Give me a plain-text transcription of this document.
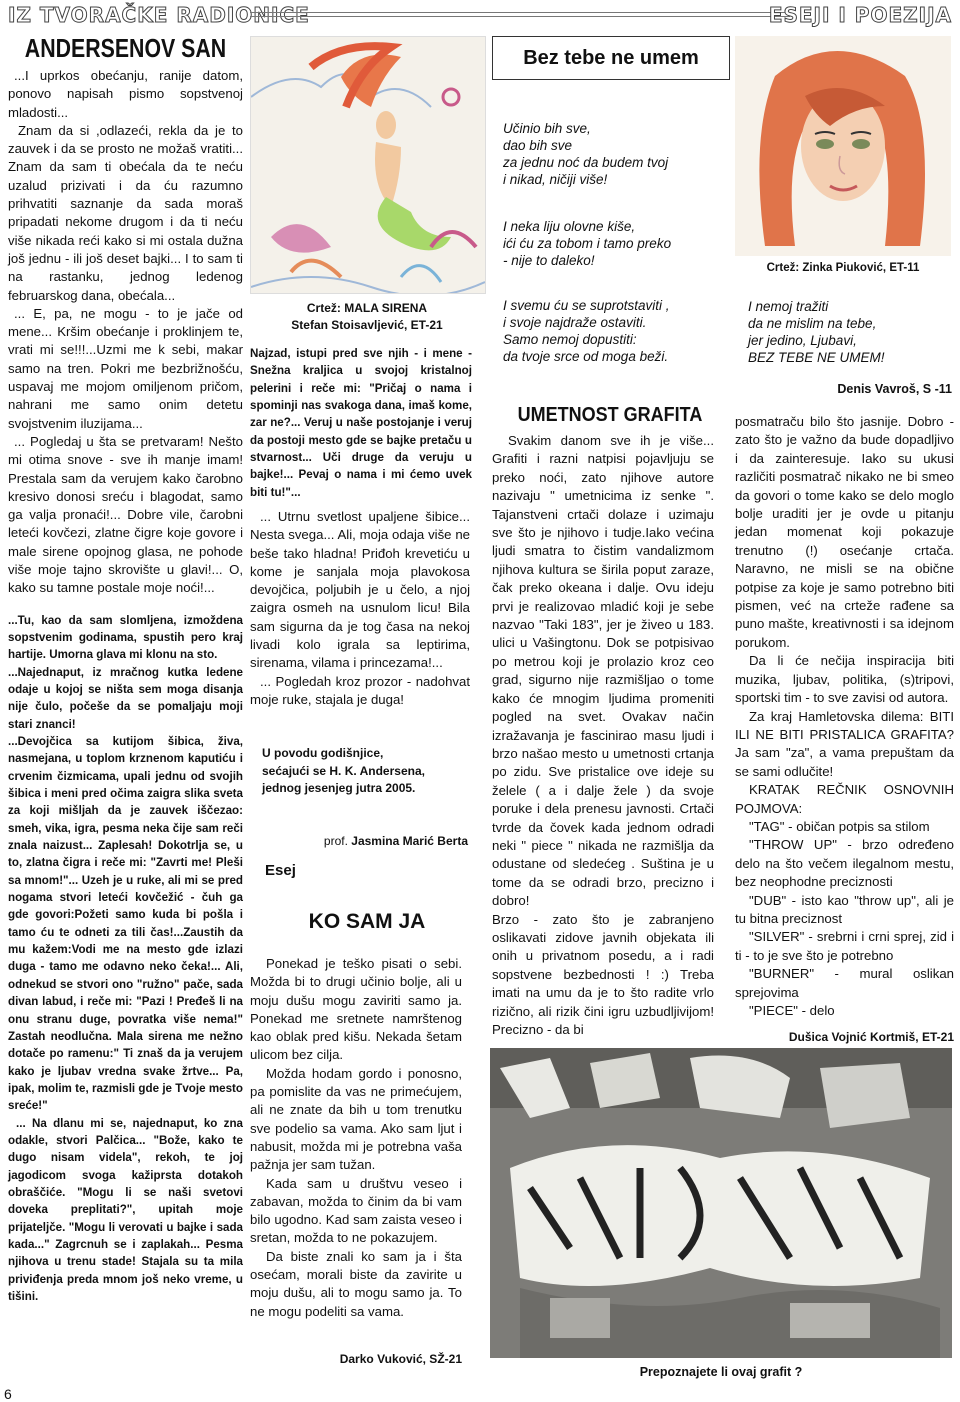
IZ TVORAČKE RADIONICE	ESEJI I POEZIJA
ANDERSENOV SAN

...I uprkos obećanju, ranije datom, ponovo napisah pismo sopstvenoj mladosti...

Znam da si ,odlazeći, rekla da je to zauvek i da se prosto ne možaš vratiti... Znam da sam ti obećala da te neću uzalud prizivati i da ću razumno prihvatiti saznanje da sada moraš pripadati nekome drugom i da ti neću više nikada reći kako si mi ostala dužna još jednu - ili još deset bajki... I to sam ti na rastanku, jednog ledenog februarskog dana, obećala...

... E, pa, ne mogu - to je jače od mene... Kršim obećanje i proklinjem te, vrati mi se!!!...Uzmi me k sebi, makar samo na tren. Pokri me bezbrižnošću, uspavaj me mojom omiljenom pričom, nahrani me samo onim detetu svojstvenim iluzijama...

... Pogledaj u šta se pretvaram! Nešto mi otima snove - sve ih manje imam! Prestala sam da verujem kako čarobno kresivo donosi sreću i blagodat, samo ga valja pronaći!... Dobre vile, čarobni leteći kovčezi, zlatne čigre koje govore i male sirene opojnog glasa, ne pohode više moje tajno skrovište u glavi!... O, kako su tamne postale moje noći!...

...Tu, kao da sam slomljena, izmoždena sopstvenim godinama, spustih pero kraj hartije. Umorna glava mi klonu na sto.

...Najednaput, iz mračnog kutka ledene odaje u kojoj se ništa sem moga disanja nije čulo, počeše da se pomaljaju moji stari znanci!

...Devojčica sa kutijom šibica, živa, nasmejana, u toplom krznenom kaputiću i crvenim čizmicama, upali jednu od svojih šibica i meni pred očima zaigra slika sveta za koji mišljah da je zauvek iščezao: smeh, vika, igra, pesma neka čije sam reči znala naizust... Zaplesah! Dokotrlja se, u to, zlatna čigra i reče mi: "Zavrti me! Pleši sa mnom!"... Uzeh je u ruke, ali mi se pred nogama stvori leteći kovčežić - čuh ga gde govori:Požeti samo kuda bi pošla i tamo ću te odneti za tili čas!...Zaustih da mu kažem:Vodi me na mesto gde izlazi duga - tamo me odavno neko čeka!... Ali, odnekud se stvori ono "ružno" pače, sada divan labud, i reče mi: "Pazi ! Pređeš li na onu stranu duge, povratka više nema!" Zastah neodlučna. Mala sirena me nežno dotače po ramenu:" Ti znaš da ja verujem kako je ljubav vredna svake žrtve... Pa, ipak, molim te, razmisli gde je Tvoje mesto sreće!"

... Na dlanu mi se, najednaput, ko zna odakle, stvori Palčica... "Bože, kako te dugo nisam videla", rekoh, te joj jagodicom svoga kažiprsta dotakoh obraščiće. "Mogu li se naši svetovi doveka preplitati?", upitah moje prijateljče. "Mogu li verovati u bajke i sada kada..." Zagrcnuh se i zaplakah... Pesma njihova u trenu stade! Stajala su ta mila priviđenja preda mnom još neko vreme, u tišini.

6
Crtež: MALA SIRENA
Stefan Stoisavljević, ET-21

Najzad, istupi pred sve njih - i mene - Snežna kraljica u svojoj kristalnoj pelerini i reče mi: "Pričaj o nama i spominji nas svakoga dana, imaš kome, zar ne?... Veruj u naše postojanje i veruj da postoji mesto gde se bajke pretaču u stvarnost... Uči druge da veruju u bajke!... Pevaj o nama i mi ćemo uvek biti tu!"...

... Utrnu svetlost upaljene šibice... Nesta svega... Ali, moja odaja više ne beše tako hladna! Priđoh krevetiću u kome je sanjala moja plavokosa devojčica, poljubih je u čelo, a njoj zaigra osmeh na usnulom licu! Bila sam sigurna da je tog časa na nekoj livadi kolo igrala sa leptirima, sirenama, vilama i princezama!...

... Pogledah kroz prozor - nadohvat moje ruke, stajala je duga!

U povodu godišnjice,
sećajući se H. K. Andersena,
jednog jesenjeg jutra 2005.
prof. Jasmina Marić Berta
Esej
KO SAM JA

Ponekad je teško pisati o sebi. Možda bi to drugi učinio bolje, ali u moju dušu mogu zaviriti samo ja. Ponekad me sretnete namrštenog kao oblak pred kišu. Nekada šetam ulicom bez cilja.

Možda hodam gordo i ponosno, pa pomislite da vas ne primećujem, ali ne znate da bih u tom trenutku sve podelio sa vama. Ako sam ljut i nabusit, možda mi je potrebna vaša pažnja jer sam tužan.

Kada sam u društvu veseo i zabavan, možda to činim da bi vam bilo ugodno. Kad sam zaista veseo i sretan, možda to ne pokazujem.

Da biste znali ko sam ja i šta osećam, morali biste da zavirite u moju dušu, ali to mogu samo ja. To ne mogu podeliti sa vama.

Darko Vuković, SŽ-21
Bez tebe ne umem
Učinio bih sve,
dao bih sve
za jednu noć da budem tvoj
i nikad, ničiji više!
I neka liju olovne kiše,
ići ću za tobom i tamo preko
- nije to daleko!
I svemu ću se suprotstaviti ,
i svoje najdraže ostaviti.
Samo nemoj dopustiti:
da tvoje srce od moga beži.
I nemoj tražiti
da ne mislim na tebe,
jer jedino, Ljubavi,
BEZ TEBE NE UMEM!
Denis Vavroš, S -11
Crtež: Zinka Piuković, ET-11
UMETNOST GRAFITA

Svakim danom sve ih je više... Grafiti i razni natpisi pojavljuju se preko noći, zato njihove autore nazivaju " umetnicima iz senke ". Tajanstveni crtači dolaze i uzimaju sve što je njihovo i tudje.Iako većina ljudi smatra to čistim vandalizmom njihova kultura se širila poput zaraze, čak preko okeana i dalje. Ovu ideju prvi je realizovao mladić koji je sebe nazvao "Taki 183", jer je živeo u 183. ulici u Vašingtonu. Dok se potpisivao po metrou koji je prolazio kroz ceo grad, sigurno nije razmišljao o tome kako će mnogim ljudima promeniti pogled na svet. Ovakav način izražavanja je fascinirao masu ljudi i brzo našao mesto u umetnosti crtanja po zidu. Sve pristalice ove ideje su želele ( a i dalje žele ) da svoje poruke i dela prenesu javnosti. Crtači tvrde da čovek kada jednom odradi neki " piece " nikada ne razmišlja da odustane od sledećeg . Suština je u tome da se odradi brzo, precizno i dobro!

Brzo - zato što je zabranjeno oslikavati zidove javnih objekata ili onih u privatnom posedu, a i radi sopstvene bezbednosti ! :) Treba imati na umu da je to što radite vrlo rizično, ali rizik čini igru uzbudljivijom! Precizno - da bi

posmatraču bilo što jasnije. Dobro - zato što je važno da bude dopadljivo i da zainteresuje. Iako su ukusi različiti posmatrač nikako ne bi smeo da govori o tome kako se delo moglo bolje uraditi jer je ovde u pitanju jedan momenat koji pokazuje trenutno (!) osećanje crtača. Naravno, ne misli se na obične potpise za koje je samo potrebno biti pismen, već na crteže rađene sa puno mašte, kreativnosti i sa idejnom porukom.

Da li će nečija inspiracija biti muzika, ljubav, politika, (s)tripovi, sportski tim - to sve zavisi od autora.

Za kraj Hamletovska dilema: BITI ILI NE BITI PRISTALICA GRAFITA? Ja sam "za", a vama prepuštam da se sami odlučite!

KRATAK REČNIK OSNOVNIH POJMOVA:

"TAG" - običan potpis sa stilom

"THROW UP" - brzo određeno delo na što večem ilegalnom mestu, bez neophodne preciznosti

"DUB" - isto kao "throw up", ali je tu bitna preciznost

"SILVER" - srebrni i crni sprej, zid i ti - to je sve što je potrebno

"BURNER" - mural oslikan sprejovima

"PIECE" - delo

Dušica Vojnić Kortmiš, ET-21
Prepoznajete li ovaj grafit ?
